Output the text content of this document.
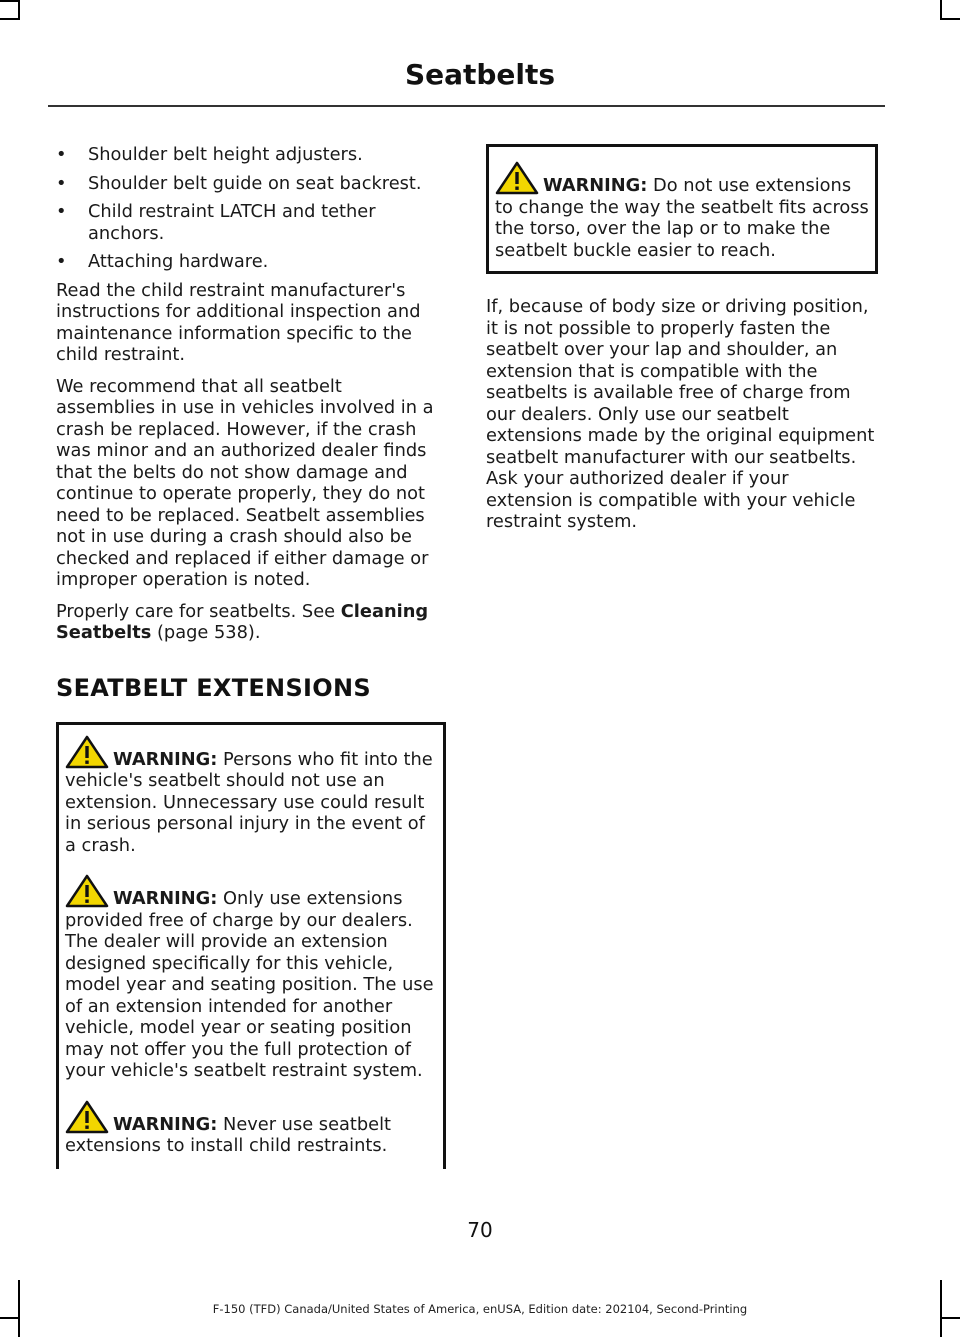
Seatbelts
• Shoulder belt height adjusters.
• Shoulder belt guide on seat backrest.
• Child restraint LATCH and tether anchors.
• Attaching hardware.

Read the child restraint manufacturer's instructions for additional inspection and maintenance information specific to the child restraint.

We recommend that all seatbelt assemblies in use in vehicles involved in a crash be replaced. However, if the crash was minor and an authorized dealer finds that the belts do not show damage and continue to operate properly, they do not need to be replaced. Seatbelt assemblies not in use during a crash should also be checked and replaced if either damage or improper operation is noted.

Properly care for seatbelts. See Cleaning Seatbelts (page 538).

SEATBELT EXTENSIONS
WARNING: Persons who fit into the vehicle's seatbelt should not use an extension. Unnecessary use could result in serious personal injury in the event of a crash.
WARNING: Only use extensions provided free of charge by our dealers. The dealer will provide an extension designed specifically for this vehicle, model year and seating position. The use of an extension intended for another vehicle, model year or seating position may not offer you the full protection of your vehicle's seatbelt restraint system.
WARNING: Never use seatbelt extensions to install child restraints.
WARNING: Do not use extensions to change the way the seatbelt fits across the torso, over the lap or to make the seatbelt buckle easier to reach.

If, because of body size or driving position, it is not possible to properly fasten the seatbelt over your lap and shoulder, an extension that is compatible with the seatbelts is available free of charge from our dealers. Only use our seatbelt extensions made by the original equipment seatbelt manufacturer with our seatbelts. Ask your authorized dealer if your extension is compatible with your vehicle restraint system.

70
F-150 (TFD) Canada/United States of America, enUSA, Edition date: 202104, Second-Printing
